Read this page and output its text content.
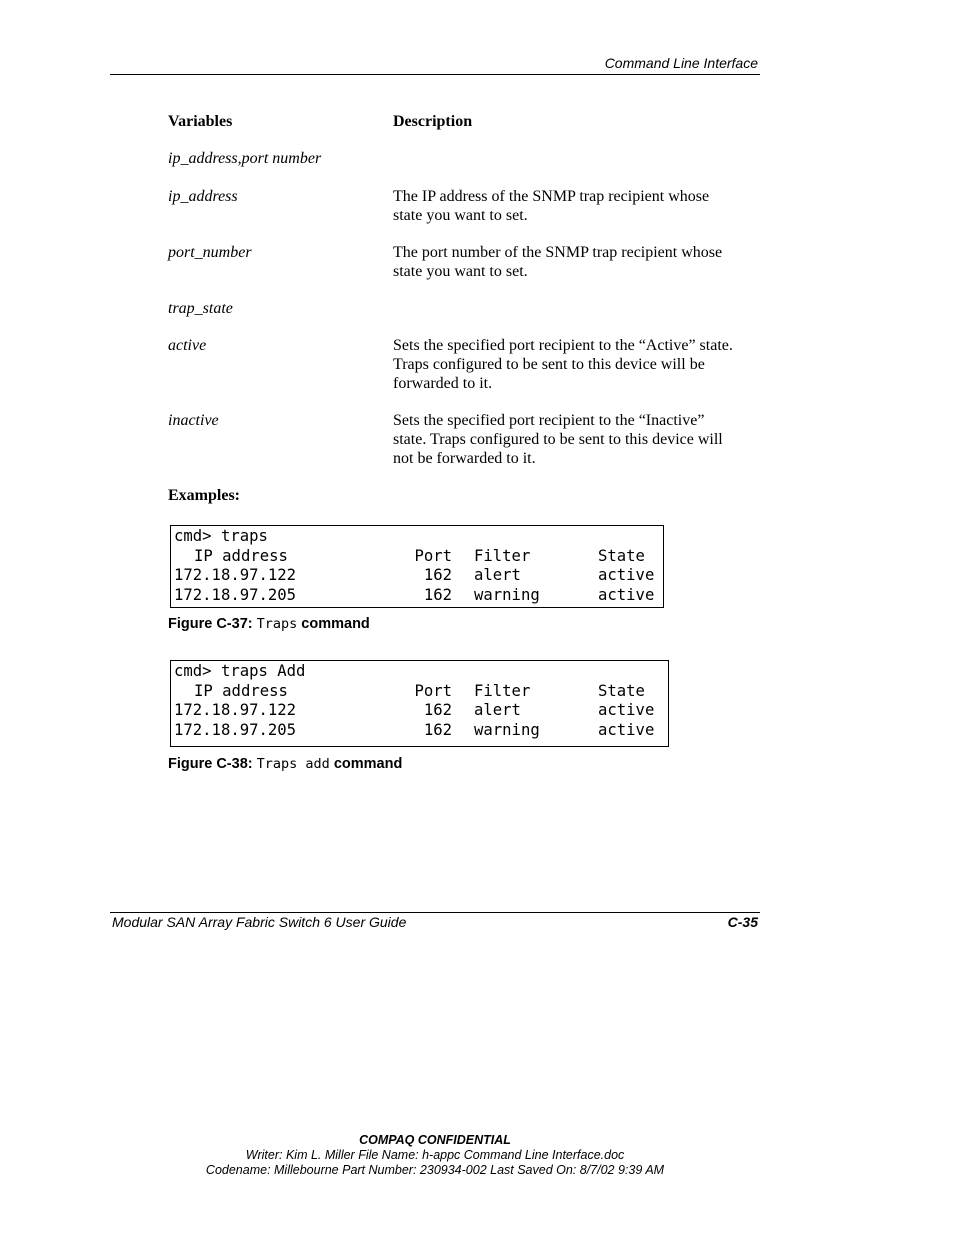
Command Line Interface
Variables	Description
ip_address,port number
ip_address	The IP address of the SNMP trap recipient whose
state you want to set.
port_number	The port number of the SNMP trap recipient whose
state you want to set.
trap_state
active	Sets the specified port recipient to the “Active” state.
Traps configured to be sent to this device will be
forwarded to it.
inactive	Sets the specified port recipient to the “Inactive”
state. Traps configured to be sent to this device will
not be forwarded to it.
Examples:
cmd> traps
IP address	Port	Filter	State
172.18.97.122	162	alert	active
172.18.97.205	162	warning	active
Figure C-37: Traps command
cmd> traps Add
IP address	Port	Filter	State
172.18.97.122	162	alert	active
172.18.97.205	162	warning	active
Figure C-38: Traps add command
Modular SAN Array Fabric Switch 6 User Guide	C-35
COMPAQ CONFIDENTIAL
Writer: Kim L. Miller File Name: h-appc Command Line Interface.doc
Codename: Millebourne Part Number: 230934-002 Last Saved On: 8/7/02 9:39 AM
